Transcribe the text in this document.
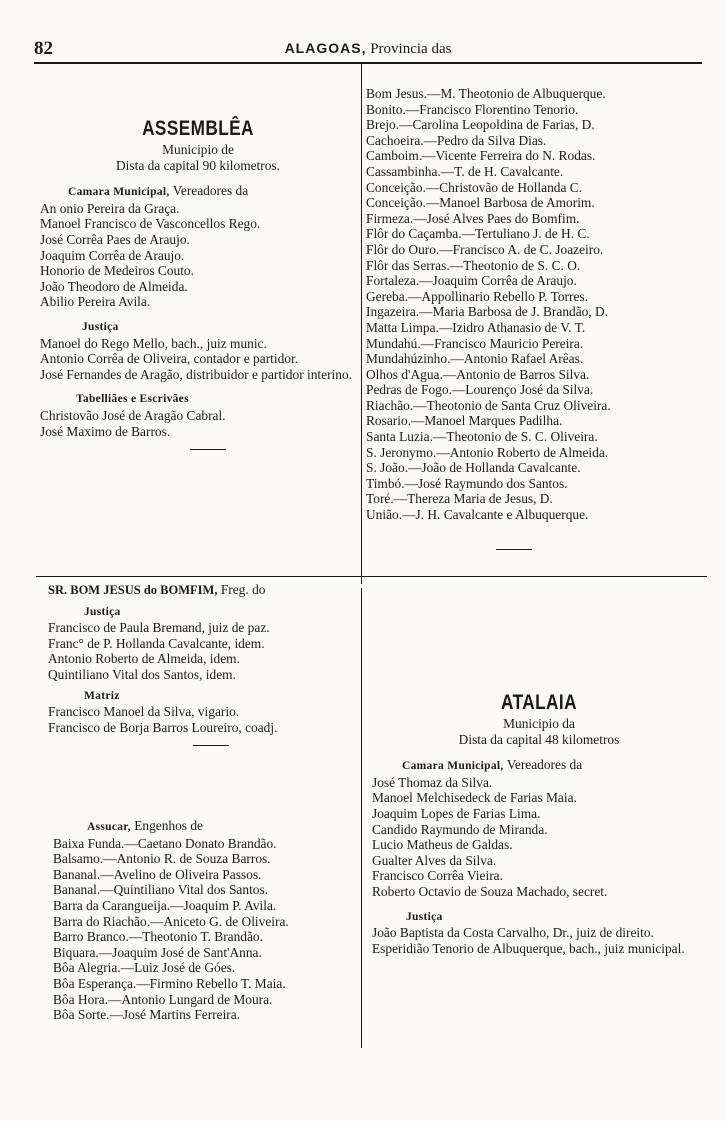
82	ALAGOAS, Provincia das

ASSEMBLÊA

Municipio de

Dista da capital 90 kilometros.

Camara Municipal, Vereadores da

An onio Pereira da Graça.

Manoel Francisco de Vasconcellos Rego.

José Corrêa Paes de Araujo.

Joaquim Corrêa de Araujo.

Honorio de Medeiros Couto.

João Theodoro de Almeida.

Abilio Pereira Avila.

Justiça

Manoel do Rego Mello, bach., juiz munic.

Antonio Corrêa de Oliveira, contador e partidor.

José Fernandes de Aragão, distribuidor e partidor interino.

Tabelliães e Escrivães

Christovão José de Aragão Cabral.

José Maximo de Barros.

SR. BOM JESUS do BOMFIM, Freg. do

Justiça

Francisco de Paula Bremand, juiz de paz.

Franc° de P. Hollanda Cavalcante, idem.

Antonio Roberto de Almeida, idem.

Quintiliano Vital dos Santos, idem.

Matriz

Francisco Manoel da Silva, vigario.

Francisco de Borja Barros Loureiro, coadj.

Assucar, Engenhos de

Baixa Funda.—Caetano Donato Brandão.

Balsamo.—Antonio R. de Souza Barros.

Bananal.—Avelino de Oliveira Passos.

Bananal.—Quintiliano Vital dos Santos.

Barra da Carangueija.—Joaquim P. Avila.

Barra do Riachão.—Aniceto G. de Oliveira.

Barro Branco.—Theotonio T. Brandão.

Biquara.—Joaquim José de Sant'Anna.

Bôa Alegria.—Luiz José de Góes.

Bôa Esperança.—Firmino Rebello T. Maia.

Bôa Hora.—Antonio Lungard de Moura.

Bôa Sorte.—José Martins Ferreira.

Bom Jesus.—M. Theotonio de Albuquerque.

Bonito.—Francisco Florentino Tenorio.

Brejo.—Carolina Leopoldina de Farias, D.

Cachoeira.—Pedro da Silva Dias.

Camboim.—Vicente Ferreira do N. Rodas.

Cassambinha.—T. de H. Cavalcante.

Conceição.—Christovão de Hollanda C.

Conceição.—Manoel Barbosa de Amorim.

Firmeza.—José Alves Paes do Bomfim.

Flôr do Caçamba.—Tertuliano J. de H. C.

Flôr do Ouro.—Francisco A. de C. Joazeiro.

Flôr das Serras.—Theotonio de S. C. O.

Fortaleza.—Joaquim Corrêa de Araujo.

Gereba.—Appollinario Rebello P. Torres.

Ingazeira.—Maria Barbosa de J. Brandão, D.

Matta Limpa.—Izidro Athanasio de V. T.

Mundahú.—Francisco Mauricio Pereira.

Mundahúzinho.—Antonio Rafael Arêas.

Olhos d'Agua.—Antonio de Barros Silva.

Pedras de Fogo.—Lourenço José da Silva.

Riachão.—Theotonio de Santa Cruz Oliveira.

Rosario.—Manoel Marques Padilha.

Santa Luzia.—Theotonio de S. C. Oliveira.

S. Jeronymo.—Antonio Roberto de Almeida.

S. João.—João de Hollanda Cavalcante.

Timbó.—José Raymundo dos Santos.

Toré.—Thereza Maria de Jesus, D.

União.—J. H. Cavalcante e Albuquerque.

ATALAIA

Municipio da

Dista da capital 48 kilometros

Camara Municipal, Vereadores da

José Thomaz da Silva.

Manoel Melchisedeck de Farias Maia.

Joaquim Lopes de Farias Lima.

Candido Raymundo de Miranda.

Lucio Matheus de Galdas.

Gualter Alves da Silva.

Francisco Corrêa Vieira.

Roberto Octavio de Souza Machado, secret.

Justiça

João Baptista da Costa Carvalho, Dr., juiz de direito.

Esperidião Tenorio de Albuquerque, bach., juiz municipal.
